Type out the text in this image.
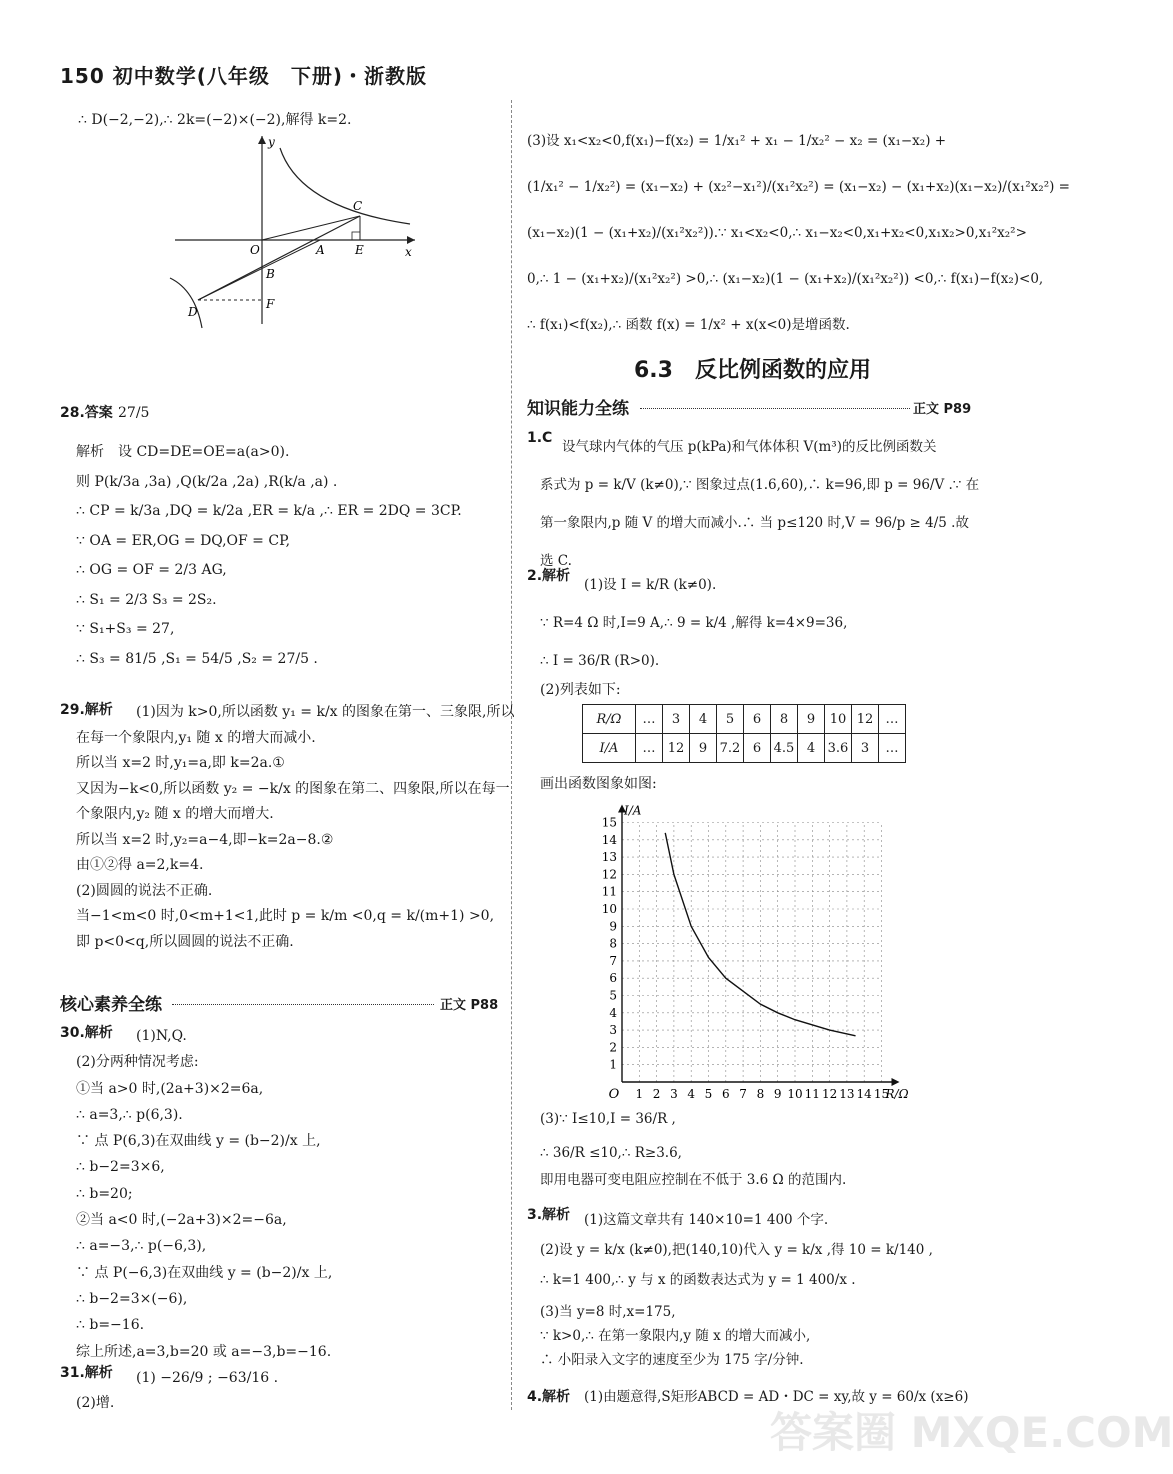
150 初中数学(八年级　下册)・浙教版
∴ D(−2,−2),∴ 2k=(−2)×(−2),解得 k=2.
y
x
O	A	E
C
B
D
F
28.答案 27/5
解析　设 CD=DE=OE=a(a>0).
则 P(k/3a ,3a) ,Q(k/2a ,2a) ,R(k/a ,a) .
∴ CP = k/3a ,DQ = k/2a ,ER = k/a ,∴ ER = 2DQ = 3CP.
∵ OA = ER,OG = DQ,OF = CP,
∴ OG = OF = 2/3 AG,
∴ S₁ = 2/3 S₃ = 2S₂.
∵ S₁+S₃ = 27,
∴ S₃ = 81/5 ,S₁ = 54/5 ,S₂ = 27/5 .
29.解析	(1)因为 k>0,所以函数 y₁ = k/x 的图象在第一、三象限,所以
在每一个象限内,y₁ 随 x 的增大而减小.
所以当 x=2 时,y₁=a,即 k=2a.①
又因为−k<0,所以函数 y₂ = −k/x 的图象在第二、四象限,所以在每一
个象限内,y₂ 随 x 的增大而增大.
所以当 x=2 时,y₂=a−4,即−k=2a−8.②
由①②得 a=2,k=4.
(2)圆圆的说法不正确.
当−1<m<0 时,0<m+1<1,此时 p = k/m <0,q = k/(m+1) >0,
即 p<0<q,所以圆圆的说法不正确.
核心素养全练	正文 P88
30.解析	(1)N,Q.
(2)分两种情况考虑:
①当 a>0 时,(2a+3)×2=6a,
∴ a=3,∴ p(6,3).
∵ 点 P(6,3)在双曲线 y = (b−2)/x 上,
∴ b−2=3×6,
∴ b=20;
②当 a<0 时,(−2a+3)×2=−6a,
∴ a=−3,∴ p(−6,3),
∵ 点 P(−6,3)在双曲线 y = (b−2)/x 上,
∴ b−2=3×(−6),
∴ b=−16.
综上所述,a=3,b=20 或 a=−3,b=−16.
31.解析 (1) −26/9 ; −63/16 .
(2)增.
(3)设 x₁<x₂<0,f(x₁)−f(x₂) = 1/x₁² + x₁ − 1/x₂² − x₂ = (x₁−x₂) +
(1/x₁² − 1/x₂²) = (x₁−x₂) + (x₂²−x₁²)/(x₁²x₂²) = (x₁−x₂) − (x₁+x₂)(x₁−x₂)/(x₁²x₂²) =
(x₁−x₂)(1 − (x₁+x₂)/(x₁²x₂²)).∵ x₁<x₂<0,∴ x₁−x₂<0,x₁+x₂<0,x₁x₂>0,x₁²x₂²>
0,∴ 1 − (x₁+x₂)/(x₁²x₂²) >0,∴ (x₁−x₂)(1 − (x₁+x₂)/(x₁²x₂²)) <0,∴ f(x₁)−f(x₂)<0,
∴ f(x₁)<f(x₂),∴ 函数 f(x) = 1/x² + x(x<0)是增函数.
6.3　反比例函数的应用
知识能力全练	正文 P89
1.C
设气球内气体的气压 p(kPa)和气体体积 V(m³)的反比例函数关
系式为 p = k/V (k≠0),∵ 图象过点(1.6,60),∴ k=96,即 p = 96/V .∵ 在
第一象限内,p 随 V 的增大而减小.∴ 当 p≤120 时,V = 96/p ≥ 4/5 .故
选 C.
2.解析
(1)设 I = k/R (k≠0).
∵ R=4 Ω 时,I=9 A,∴ 9 = k/4 ,解得 k=4×9=36,
∴ I = 36/R (R>0).
(2)列表如下:
R/Ω	…	3	4	5	6	8	9	10	12	…
I/A	…	12	9	7.2	6	4.5	4	3.6	3	…
画出函数图象如图:
1 2 3 4 5 6 7 8 9 10 11 12 13 14 15
1
2
3
4
5
6
7
8
9
10
11
12
13
14
15
O	R/Ω
I/A
(3)∵ I≤10,I = 36/R ,
∴ 36/R ≤10,∴ R≥3.6,
即用电器可变电阻应控制在不低于 3.6 Ω 的范围内.
3.解析	(1)这篇文章共有 140×10=1 400 个字.
(2)设 y = k/x (k≠0),把(140,10)代入 y = k/x ,得 10 = k/140 ,
∴ k=1 400,∴ y 与 x 的函数表达式为 y = 1 400/x .
(3)当 y=8 时,x=175,
∵ k>0,∴ 在第一象限内,y 随 x 的增大而减小,
∴ 小阳录入文字的速度至少为 175 字/分钟.
4.解析 (1)由题意得,S矩形ABCD = AD・DC = xy,故 y = 60/x (x≥6)
答案圈 MXQE.COM
